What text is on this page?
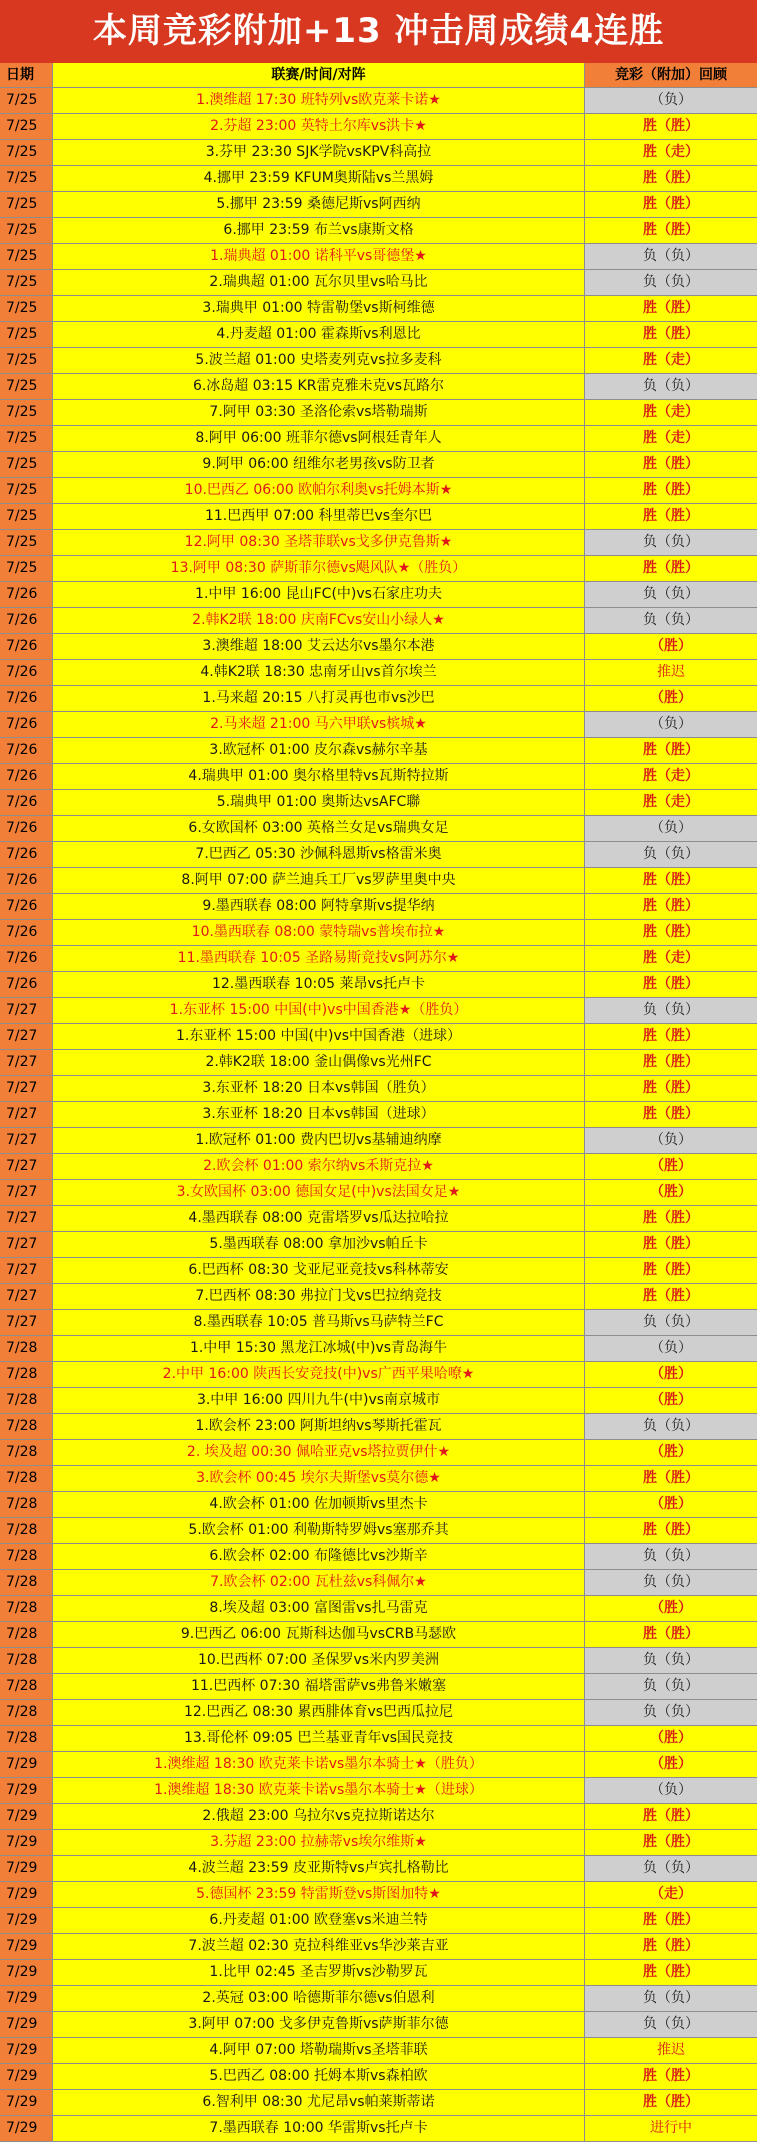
本周竞彩附加+13 冲击周成绩4连胜
日期	联赛/时间/对阵	竞彩（附加）回顾
7/25	1.澳维超 17:30 班特列vs欧克莱卡诺★	（负）
7/25	2.芬超 23:00 英特土尔库vs洪卡★	胜（胜）
7/25	3.芬甲 23:30 SJK学院vsKPV科高拉	胜（走）
7/25	4.挪甲 23:59 KFUM奥斯陆vs兰黑姆	胜（胜）
7/25	5.挪甲 23:59 桑德尼斯vs阿西纳	胜（胜）
7/25	6.挪甲 23:59 布兰vs康斯文格	胜（胜）
7/25	1.瑞典超 01:00 诺科平vs哥德堡★	负（负）
7/25	2.瑞典超 01:00 瓦尔贝里vs哈马比	负（负）
7/25	3.瑞典甲 01:00 特雷勒堡vs斯柯维德	胜（胜）
7/25	4.丹麦超 01:00 霍森斯vs利恩比	胜（胜）
7/25	5.波兰超 01:00 史塔麦列克vs拉多麦科	胜（走）
7/25	6.冰岛超 03:15 KR雷克雅未克vs瓦路尔	负（负）
7/25	7.阿甲 03:30 圣洛伦索vs塔勒瑞斯	胜（走）
7/25	8.阿甲 06:00 班菲尔德vs阿根廷青年人	胜（走）
7/25	9.阿甲 06:00 纽维尔老男孩vs防卫者	胜（胜）
7/25	10.巴西乙 06:00 欧帕尔利奥vs托姆本斯★	胜（胜）
7/25	11.巴西甲 07:00 科里蒂巴vs奎尔巴	胜（胜）
7/25	12.阿甲 08:30 圣塔菲联vs戈多伊克鲁斯★	负（负）
7/25	13.阿甲 08:30 萨斯菲尔德vs飓风队★（胜负）	胜（胜）
7/26	1.中甲 16:00 昆山FC(中)vs石家庄功夫	负（负）
7/26	2.韩K2联 18:00 庆南FCvs安山小绿人★	负（负）
7/26	3.澳维超 18:00 艾云达尔vs墨尔本港	（胜）
7/26	4.韩K2联 18:30 忠南牙山vs首尔埃兰	推迟
7/26	1.马来超 20:15 八打灵再也市vs沙巴	（胜）
7/26	2.马来超 21:00 马六甲联vs槟城★	（负）
7/26	3.欧冠杯 01:00 皮尔森vs赫尔辛基	胜（胜）
7/26	4.瑞典甲 01:00 奥尔格里特vs瓦斯特拉斯	胜（走）
7/26	5.瑞典甲 01:00 奥斯达vsAFC聯	胜（走）
7/26	6.女欧国杯 03:00 英格兰女足vs瑞典女足	（负）
7/26	7.巴西乙 05:30 沙佩科恩斯vs格雷米奥	负（负）
7/26	8.阿甲 07:00 萨兰迪兵工厂vs罗萨里奥中央	胜（胜）
7/26	9.墨西联春 08:00 阿特拿斯vs提华纳	胜（胜）
7/26	10.墨西联春 08:00 蒙特瑞vs普埃布拉★	胜（胜）
7/26	11.墨西联春 10:05 圣路易斯竞技vs阿苏尔★	胜（走）
7/26	12.墨西联春 10:05 莱昂vs托卢卡	胜（胜）
7/27	1.东亚杯 15:00 中国(中)vs中国香港★（胜负）	负（负）
7/27	1.东亚杯 15:00 中国(中)vs中国香港（进球）	胜（胜）
7/27	2.韩K2联 18:00 釜山偶像vs光州FC	胜（胜）
7/27	3.东亚杯 18:20 日本vs韩国（胜负）	胜（胜）
7/27	3.东亚杯 18:20 日本vs韩国（进球）	胜（胜）
7/27	1.欧冠杯 01:00 费内巴切vs基辅迪纳摩	（负）
7/27	2.欧会杯 01:00 索尔纳vs禾斯克拉★	（胜）
7/27	3.女欧国杯 03:00 德国女足(中)vs法国女足★	（胜）
7/27	4.墨西联春 08:00 克雷塔罗vs瓜达拉哈拉	胜（胜）
7/27	5.墨西联春 08:00 拿加沙vs帕丘卡	胜（胜）
7/27	6.巴西杯 08:30 戈亚尼亚竞技vs科林蒂安	胜（胜）
7/27	7.巴西杯 08:30 弗拉门戈vs巴拉纳竞技	胜（胜）
7/27	8.墨西联春 10:05 普马斯vs马萨特兰FC	负（负）
7/28	1.中甲 15:30 黑龙江冰城(中)vs青岛海牛	（负）
7/28	2.中甲 16:00 陕西长安竞技(中)vs广西平果哈嘹★	（胜）
7/28	3.中甲 16:00 四川九牛(中)vs南京城市	（胜）
7/28	1.欧会杯 23:00 阿斯坦纳vs琴斯托霍瓦	负（负）
7/28	2. 埃及超 00:30 佩哈亚克vs塔拉贾伊什★	（胜）
7/28	3.欧会杯 00:45 埃尔夫斯堡vs莫尔德★	胜（胜）
7/28	4.欧会杯 01:00 佐加顿斯vs里杰卡	（胜）
7/28	5.欧会杯 01:00 利勒斯特罗姆vs塞那乔其	胜（胜）
7/28	6.欧会杯 02:00 布隆德比vs沙斯辛	负（负）
7/28	7.欧会杯 02:00 瓦杜兹vs科佩尔★	负（负）
7/28	8.埃及超 03:00 富图雷vs扎马雷克	（胜）
7/28	9.巴西乙 06:00 瓦斯科达伽马vsCRB马瑟欧	胜（胜）
7/28	10.巴西杯 07:00 圣保罗vs米内罗美洲	负（负）
7/28	11.巴西杯 07:30 福塔雷萨vs弗鲁米嫩塞	负（负）
7/28	12.巴西乙 08:30 累西腓体育vs巴西瓜拉尼	负（负）
7/28	13.哥伦杯 09:05 巴兰基亚青年vs国民竞技	（胜）
7/29	1.澳维超 18:30 欧克莱卡诺vs墨尔本骑士★（胜负）	（胜）
7/29	1.澳维超 18:30 欧克莱卡诺vs墨尔本骑士★（进球）	（负）
7/29	2.俄超 23:00 乌拉尔vs克拉斯诺达尔	胜（胜）
7/29	3.芬超 23:00 拉赫蒂vs埃尔维斯★	胜（胜）
7/29	4.波兰超 23:59 皮亚斯特vs卢宾扎格勒比	负（负）
7/29	5.德国杯 23:59 特雷斯登vs斯图加特★	（走）
7/29	6.丹麦超 01:00 欧登塞vs米迪兰特	胜（胜）
7/29	7.波兰超 02:30 克拉科维亚vs华沙莱吉亚	胜（胜）
7/29	1.比甲 02:45 圣吉罗斯vs沙勒罗瓦	胜（胜）
7/29	2.英冠 03:00 哈德斯菲尔德vs伯恩利	负（负）
7/29	3.阿甲 07:00 戈多伊克鲁斯vs萨斯菲尔德	负（负）
7/29	4.阿甲 07:00 塔勒瑞斯vs圣塔菲联	推迟
7/29	5.巴西乙 08:00 托姆本斯vs森柏欧	胜（胜）
7/29	6.智利甲 08:30 尤尼昂vs帕莱斯蒂诺	胜（胜）
7/29	7.墨西联春 10:00 华雷斯vs托卢卡	进行中
